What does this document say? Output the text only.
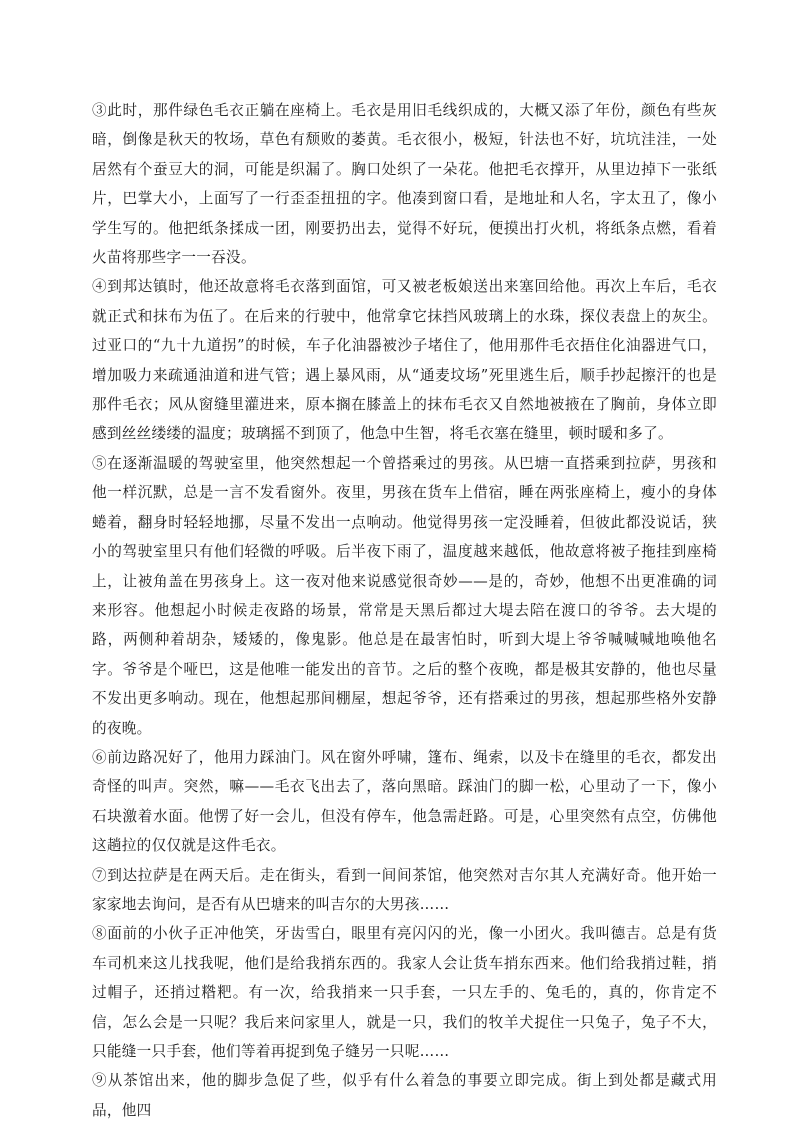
③此时，那件绿色毛衣正躺在座椅上。毛衣是用旧毛线织成的，大概又添了年份，颜色有些灰暗，倒像是秋天的牧场，草色有颓败的萎黄。毛衣很小，极短，针法也不好，坑坑洼洼，一处居然有个蚕豆大的洞，可能是织漏了。胸口处织了一朵花。他把毛衣撑开，从里边掉下一张纸片，巴掌大小，上面写了一行歪歪扭扭的字。他凑到窗口看，是地址和人名，字太丑了，像小学生写的。他把纸条揉成一团，刚要扔出去，觉得不好玩，便摸出打火机，将纸条点燃，看着火苗将那些字一一吞没。

④到邦达镇时，他还故意将毛衣落到面馆，可又被老板娘送出来塞回给他。再次上车后，毛衣就正式和抹布为伍了。在后来的行驶中，他常拿它抹挡风玻璃上的水珠，探仪表盘上的灰尘。过亚口的“九十九道拐”的时候，车子化油器被沙子堵住了，他用那件毛衣捂住化油器进气口，增加吸力来疏通油道和进气管；遇上暴风雨，从“通麦坟场”死里逃生后，顺手抄起擦汗的也是那件毛衣；风从窗缝里灌进来，原本搁在膝盖上的抹布毛衣又自然地被掖在了胸前，身体立即感到丝丝缕缕的温度；玻璃摇不到顶了，他急中生智，将毛衣塞在缝里，顿时暖和多了。

⑤在逐渐温暖的驾驶室里，他突然想起一个曾搭乘过的男孩。从巴塘一直搭乘到拉萨，男孩和他一样沉默，总是一言不发看窗外。夜里，男孩在货车上借宿，睡在两张座椅上，瘦小的身体蜷着，翻身时轻轻地挪，尽量不发出一点响动。他觉得男孩一定没睡着，但彼此都没说话，狭小的驾驶室里只有他们轻微的呼吸。后半夜下雨了，温度越来越低，他故意将被子拖挂到座椅上，让被角盖在男孩身上。这一夜对他来说感觉很奇妙——是的，奇妙，他想不出更准确的词来形容。他想起小时候走夜路的场景，常常是天黑后都过大堤去陪在渡口的爷爷。去大堤的路，两侧种着胡杂，矮矮的，像鬼影。他总是在最害怕时，听到大堤上爷爷喊喊喊地唤他名字。爷爷是个哑巴，这是他唯一能发出的音节。之后的整个夜晚，都是极其安静的，他也尽量不发出更多响动。现在，他想起那间棚屋，想起爷爷，还有搭乘过的男孩，想起那些格外安静的夜晚。

⑥前边路况好了，他用力踩油门。风在窗外呼啸，篷布、绳索，以及卡在缝里的毛衣，都发出奇怪的叫声。突然，嘛——毛衣飞出去了，落向黑暗。踩油门的脚一松，心里动了一下，像小石块激着水面。他愣了好一会儿，但没有停车，他急需赶路。可是，心里突然有点空，仿佛他这趟拉的仅仅就是这件毛衣。

⑦到达拉萨是在两天后。走在街头，看到一间间茶馆，他突然对吉尔其人充满好奇。他开始一家家地去询问，是否有从巴塘来的叫吉尔的大男孩……

⑧面前的小伙子正冲他笑，牙齿雪白，眼里有亮闪闪的光，像一小团火。我叫德吉。总是有货车司机来这儿找我呢，他们是给我捎东西的。我家人会让货车捎东西来。他们给我捎过鞋，捎过帽子，还捎过糌粑。有一次，给我捎来一只手套，一只左手的、兔毛的，真的，你肯定不信，怎么会是一只呢？我后来问家里人，就是一只，我们的牧羊犬捉住一只兔子，兔子不大，只能缝一只手套，他们等着再捉到兔子缝另一只呢……

⑨从茶馆出来，他的脚步急促了些，似乎有什么着急的事要立即完成。街上到处都是藏式用品，他四
